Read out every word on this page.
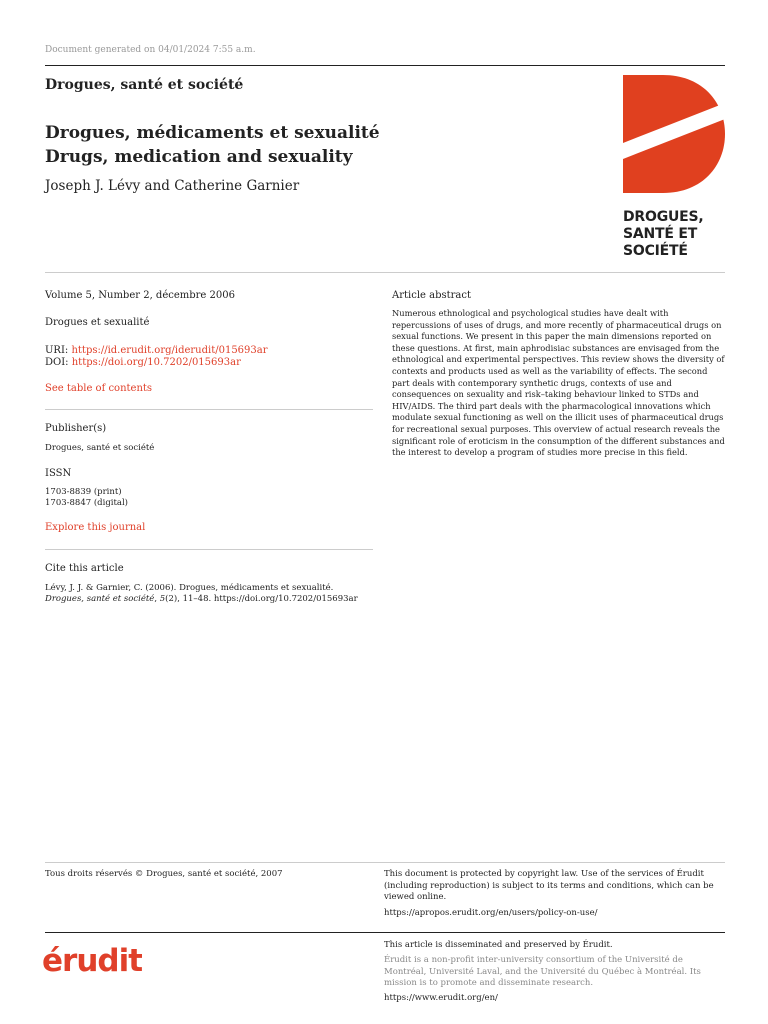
Document generated on 04/01/2024 7:55 a.m.
Drogues, santé et société
Drogues, médicaments et sexualité
Drugs, medication and sexuality
Joseph J. Lévy and Catherine Garnier
DROGUES,
SANTÉ ET
SOCIÉTÉ
Volume 5, Number 2, décembre 2006
Drogues et sexualité
URI: https://id.erudit.org/iderudit/015693ar
DOI: https://doi.org/10.7202/015693ar
See table of contents
Publisher(s)
Drogues, santé et société
ISSN
1703-8839 (print)
1703-8847 (digital)
Explore this journal
Cite this article
Lévy, J. J. & Garnier, C. (2006). Drogues, médicaments et sexualité. Drogues, santé et société, 5(2), 11–48. https://doi.org/10.7202/015693ar
Article abstract
Numerous ethnological and psychological studies have dealt with repercussions of uses of drugs, and more recently of pharmaceutical drugs on sexual functions. We present in this paper the main dimensions reported on these questions. At first, main aphrodisiac substances are envisaged from the ethnological and experimental perspectives. This review shows the diversity of contexts and products used as well as the variability of effects. The second part deals with contemporary synthetic drugs, contexts of use and consequences on sexuality and risk–taking behaviour linked to STDs and HIV/AIDS. The third part deals with the pharmacological innovations which modulate sexual functioning as well on the illicit uses of pharmaceutical drugs for recreational sexual purposes. This overview of actual research reveals the significant role of eroticism in the consumption of the different substances and the interest to develop a program of studies more precise in this field.
Tous droits réservés © Drogues, santé et société, 2007	This document is protected by copyright law. Use of the services of Érudit (including reproduction) is subject to its terms and conditions, which can be viewed online.
https://apropos.erudit.org/en/users/policy-on-use/
érudit	This article is disseminated and preserved by Érudit.
Érudit is a non-profit inter-university consortium of the Université de Montréal, Université Laval, and the Université du Québec à Montréal. Its mission is to promote and disseminate research.
https://www.erudit.org/en/
